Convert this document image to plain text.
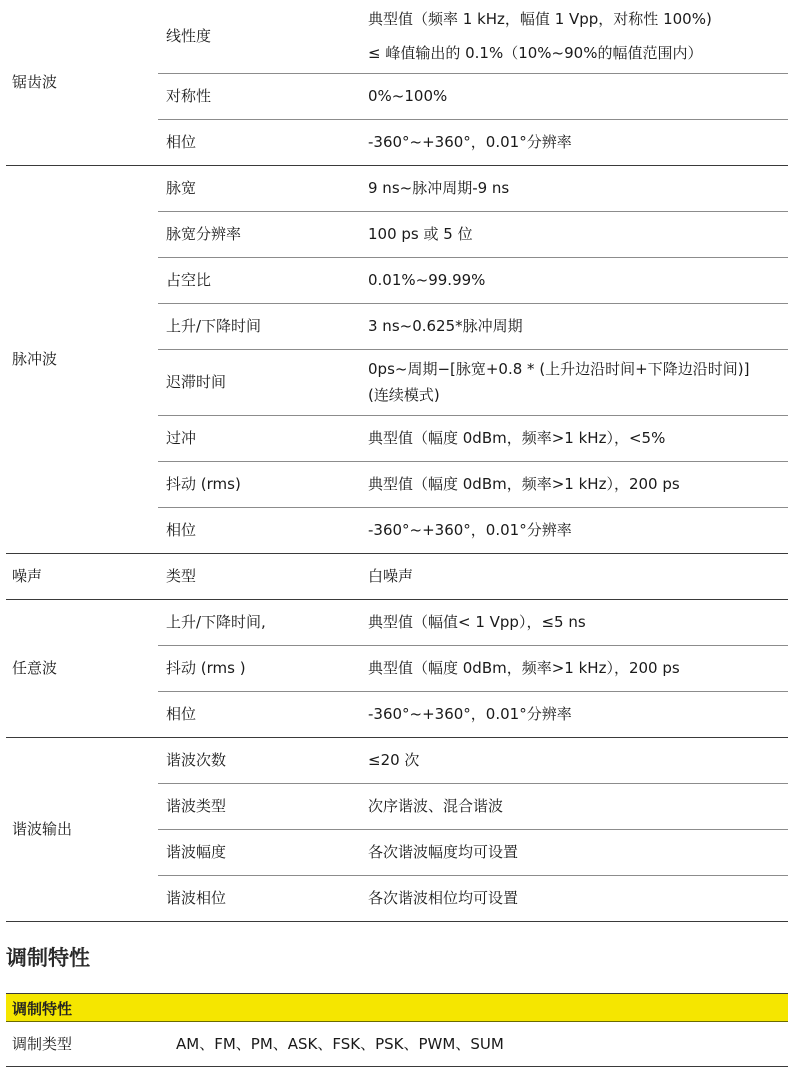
锯齿波	线性度	典型值（频率 1 kHz，幅值 1 Vpp，对称性 100%)
≤ 峰值输出的 0.1%（10%~90%的幅值范围内）

	对称性	0%~100%

	相位	-360°~+360°，0.01°分辨率

脉冲波	脉宽	9 ns~脉冲周期-9 ns

	脉宽分辨率	100 ps 或 5 位

	占空比	0.01%~99.99%

	上升/下降时间	3 ns~0.625*脉冲周期

	迟滞时间	0ps~周期−[脉宽+0.8 * (上升边沿时间+下降边沿时间)]
(连续模式)

	过冲	典型值（幅度 0dBm，频率>1 kHz），<5%

	抖动 (rms)	典型值（幅度 0dBm，频率>1 kHz），200 ps

	相位	-360°~+360°，0.01°分辨率

噪声	类型	白噪声

任意波	上升/下降时间,	典型值（幅值< 1 Vpp），≤5 ns

	抖动 (rms )	典型值（幅度 0dBm，频率>1 kHz），200 ps

	相位	-360°~+360°，0.01°分辨率

谐波输出	谐波次数	≤20 次

	谐波类型	次序谐波、混合谐波

	谐波幅度	各次谐波幅度均可设置

	谐波相位	各次谐波相位均可设置
调制特性
调制特性
调制类型	AM、FM、PM、ASK、FSK、PSK、PWM、SUM
